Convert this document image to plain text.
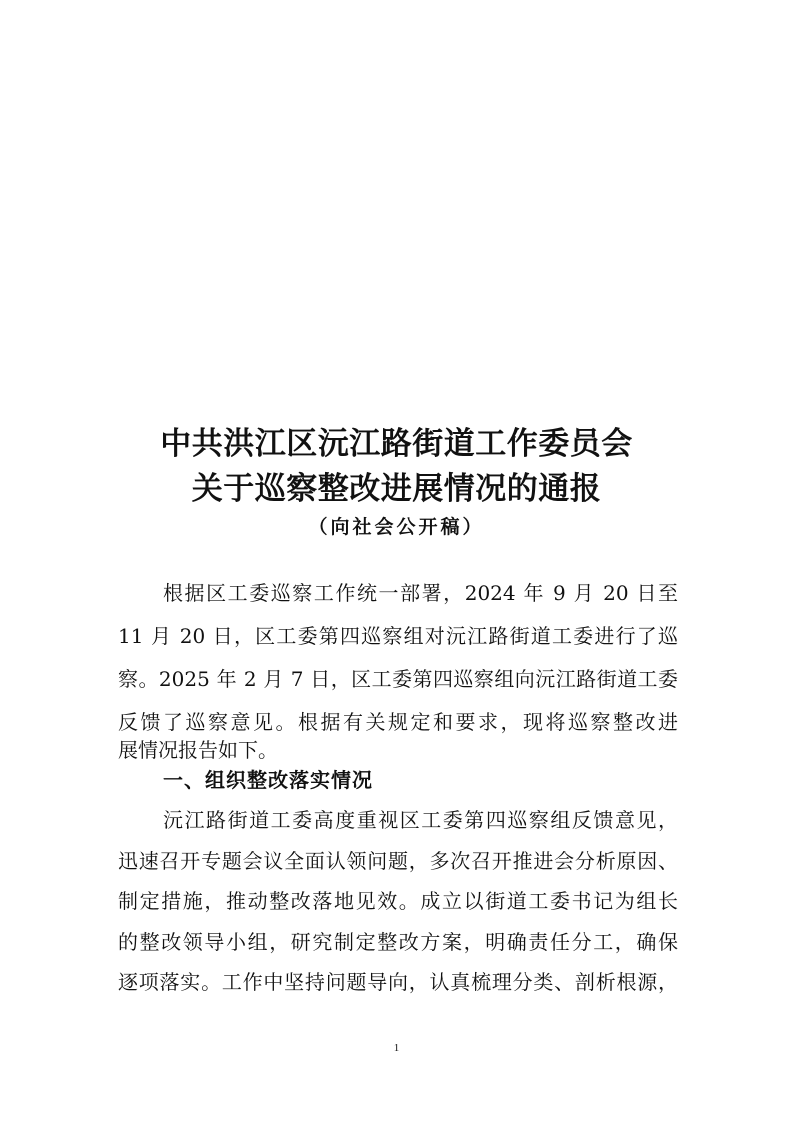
中共洪江区沅江路街道工作委员会
关于巡察整改进展情况的通报
（向社会公开稿）
根据区工委巡察工作统一部署，2024 年 9 月 20 日至
11 月 20 日，区工委第四巡察组对沅江路街道工委进行了巡
察。2025 年 2 月 7 日，区工委第四巡察组向沅江路街道工委
反馈了巡察意见。根据有关规定和要求，现将巡察整改进
展情况报告如下。
一、组织整改落实情况
沅江路街道工委高度重视区工委第四巡察组反馈意见，
迅速召开专题会议全面认领问题，多次召开推进会分析原因、
制定措施，推动整改落地见效。成立以街道工委书记为组长
的整改领导小组，研究制定整改方案，明确责任分工，确保
逐项落实。工作中坚持问题导向，认真梳理分类、剖析根源，
1
